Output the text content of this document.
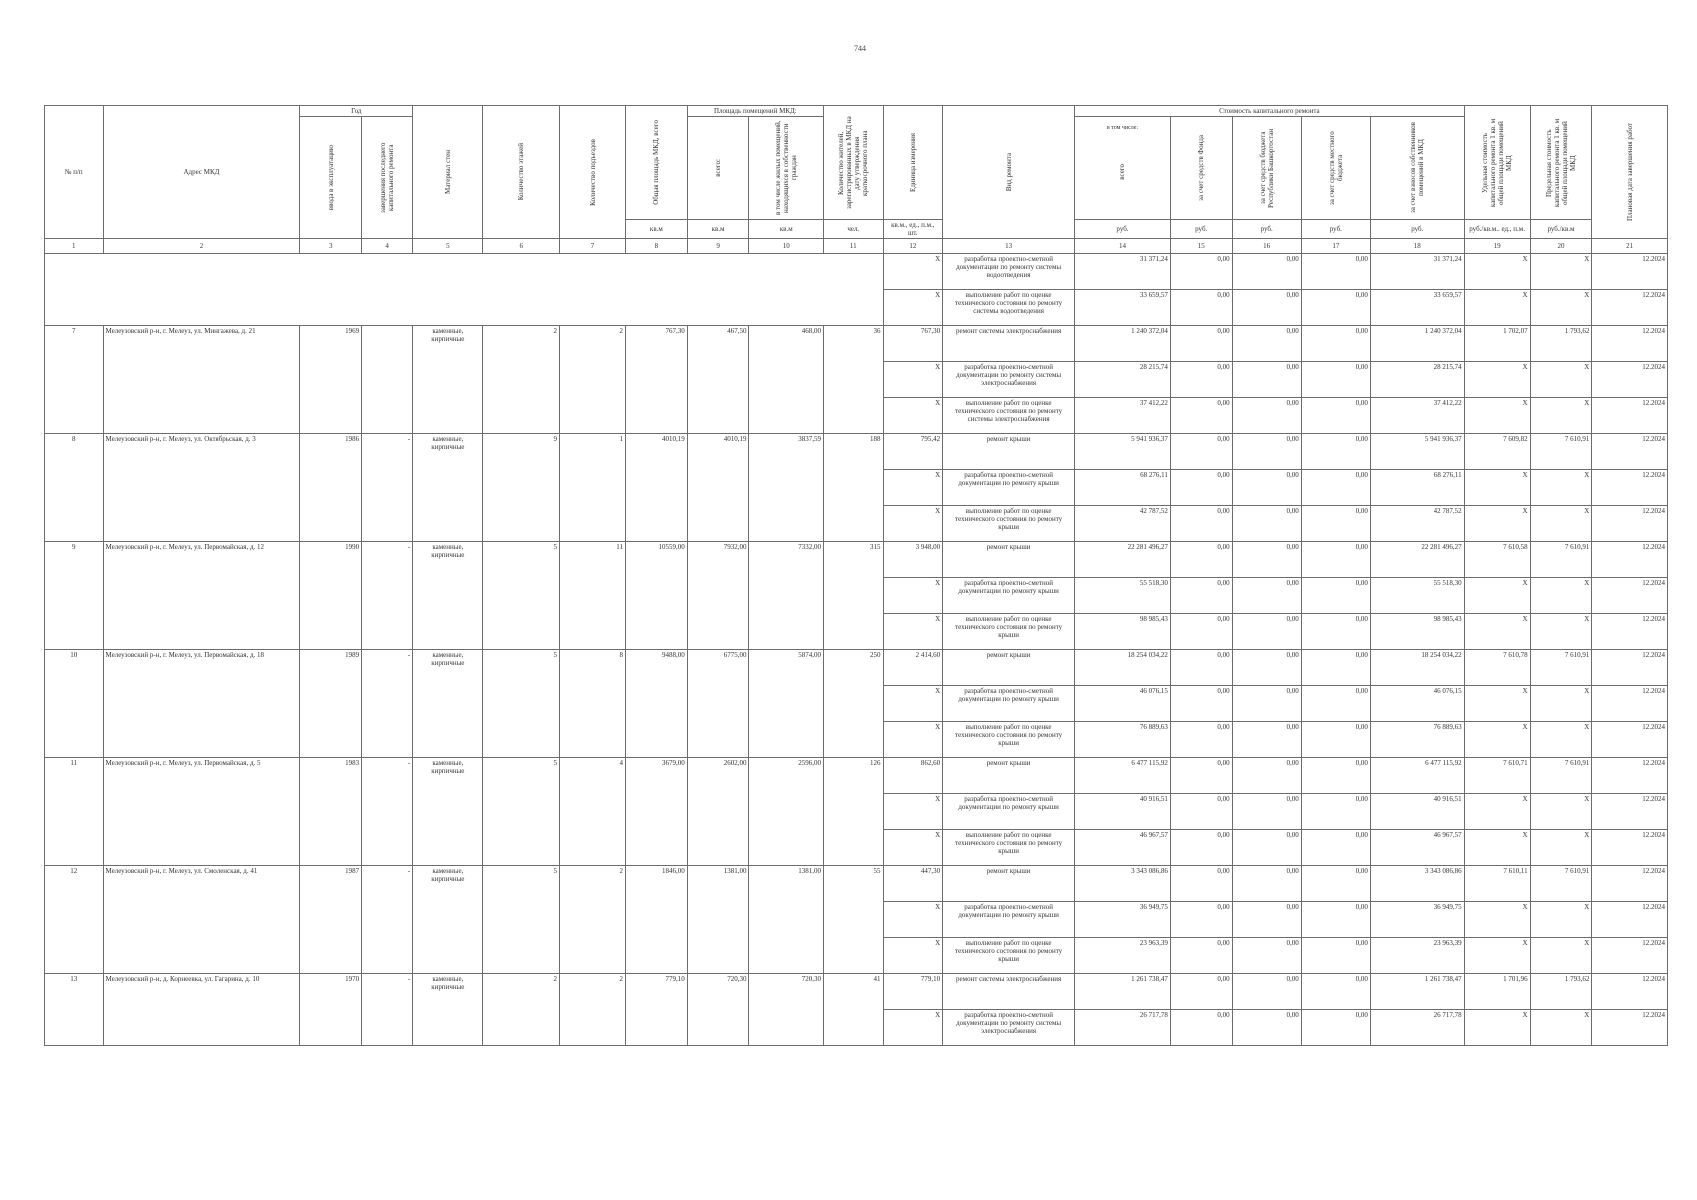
744
№ п/п	Адрес МКД	Год		Материал стен	Количество этажей	Количество подъездов	Общая площадь МКД, всего	Площадь помещений МКД:		Количество жителей, зарегистрированных в МКД на дату утверждения краткосрочного плана	Единица измерения	Вид ремонта	Стоимость капитального ремонта					Удельная стоимость капитального ремонта 1 кв. м общей площади помещений МКД	Предельная стоимость капитального ремонта 1 кв. м общей площади помещений МКД	Плановая дата завершения работ

		ввода в эксплуатацию	завершения последнего капитального ремонта					всего:	в том числе жилых помещений, находящихся в собственности граждан				в том числе:
всего	за счет средств Фонда	за счет средств бюджета Республики Башкортостан	за счет средств местного бюджета	за счет взносов собственников помещений в МКД			

							кв.м	кв.м	кв.м	чел.	кв.м., ед., п.м., шт.		руб.	руб.	руб.	руб.	руб.	руб./кв.м.. ед., п.м.	руб./кв.м	
1	2	3	4	5	6	7	8	9	10	11	12	13	14	15	16	17	18	19	20	21
											X	разработка проектно-сметной документации по ремонту системы водоотведения	31 371,24	0,00	0,00	0,00	31 371,24	X	X	12.2024
											X	выполнение работ по оценке технического состояния по ремонту системы водоотведения	33 659,57	0,00	0,00	0,00	33 659,57	X	X	12.2024
7	Мелеузовский р-н, г. Мелеуз, ул. Мингажева, д. 21	1969		каменные, кирпичные	2	2	767,30	467,50	468,00	36	767,30	ремонт системы электроснабжения	1 240 372,04	0,00	0,00	0,00	1 240 372,04	1 702,07	1 793,62	12.2024
											X	разработка проектно-сметной документации по ремонту системы электроснабжения	28 215,74	0,00	0,00	0,00	28 215,74	X	X	12.2024
											X	выполнение работ по оценке технического состояния по ремонту системы электроснабжения	37 412,22	0,00	0,00	0,00	37 412,22	X	X	12.2024
8	Мелеузовский р-н, г. Мелеуз, ул. Октябрьская, д. 3	1986	-	каменные, кирпичные	9	1	4010,19	4010,19	3837,59	188	795,42	ремонт крыши	5 941 936,37	0,00	0,00	0,00	5 941 936,37	7 609,82	7 610,91	12.2024
											X	разработка проектно-сметной документации по ремонту крыши	68 276,11	0,00	0,00	0,00	68 276,11	X	X	12.2024
											X	выполнение работ по оценке технического состояния по ремонту крыши	42 787,52	0,00	0,00	0,00	42 787,52	X	X	12.2024
9	Мелеузовский р-н, г. Мелеуз, ул. Первомайская, д. 12	1990	-	каменные, кирпичные	5	11	10559,00	7932,00	7332,00	315	3 948,00	ремонт крыши	22 281 496,27	0,00	0,00	0,00	22 281 496,27	7 610,58	7 610,91	12.2024
											X	разработка проектно-сметной документации по ремонту крыши	55 518,30	0,00	0,00	0,00	55 518,30	X	X	12.2024
											X	выполнение работ по оценке технического состояния по ремонту крыши	98 985,43	0,00	0,00	0,00	98 985,43	X	X	12.2024
10	Мелеузовский р-н, г. Мелеуз, ул. Первомайская, д. 18	1989	-	каменные, кирпичные	5	8	9488,00	6775,00	5874,00	250	2 414,60	ремонт крыши	18 254 034,22	0,00	0,00	0,00	18 254 034,22	7 610,78	7 610,91	12.2024
											X	разработка проектно-сметной документации по ремонту крыши	46 076,15	0,00	0,00	0,00	46 076,15	X	X	12.2024
											X	выполнение работ по оценке технического состояния по ремонту крыши	76 889,63	0,00	0,00	0,00	76 889,63	X	X	12.2024
11	Мелеузовский р-н, г. Мелеуз, ул. Первомайская, д. 5	1983	-	каменные, кирпичные	5	4	3679,00	2602,00	2596,00	126	862,60	ремонт крыши	6 477 115,92	0,00	0,00	0,00	6 477 115,92	7 610,71	7 610,91	12.2024
											X	разработка проектно-сметной документации по ремонту крыши	40 916,51	0,00	0,00	0,00	40 916,51	X	X	12.2024
											X	выполнение работ по оценке технического состояния по ремонту крыши	46 967,57	0,00	0,00	0,00	46 967,57	X	X	12.2024
12	Мелеузовский р-н, г. Мелеуз, ул. Смоленская, д. 41	1987	-	каменные, кирпичные	5	2	1846,00	1381,00	1381,00	55	447,30	ремонт крыши	3 343 086,86	0,00	0,00	0,00	3 343 086,86	7 610,11	7 610,91	12.2024
											X	разработка проектно-сметной документации по ремонту крыши	36 949,75	0,00	0,00	0,00	36 949,75	X	X	12.2024
											X	выполнение работ по оценке технического состояния по ремонту крыши	23 963,39	0,00	0,00	0,00	23 963,39	X	X	12.2024
13	Мелеузовский р-н, д. Корнеевка, ул. Гагарина, д. 10	1970	-	каменные, кирпичные	2	2	779,10	720,30	720,30	41	779,10	ремонт системы электроснабжения	1 261 738,47	0,00	0,00	0,00	1 261 738,47	1 701,96	1 793,62	12.2024
											X	разработка проектно-сметной документации по ремонту системы электроснабжения	26 717,78	0,00	0,00	0,00	26 717,78	X	X	12.2024
